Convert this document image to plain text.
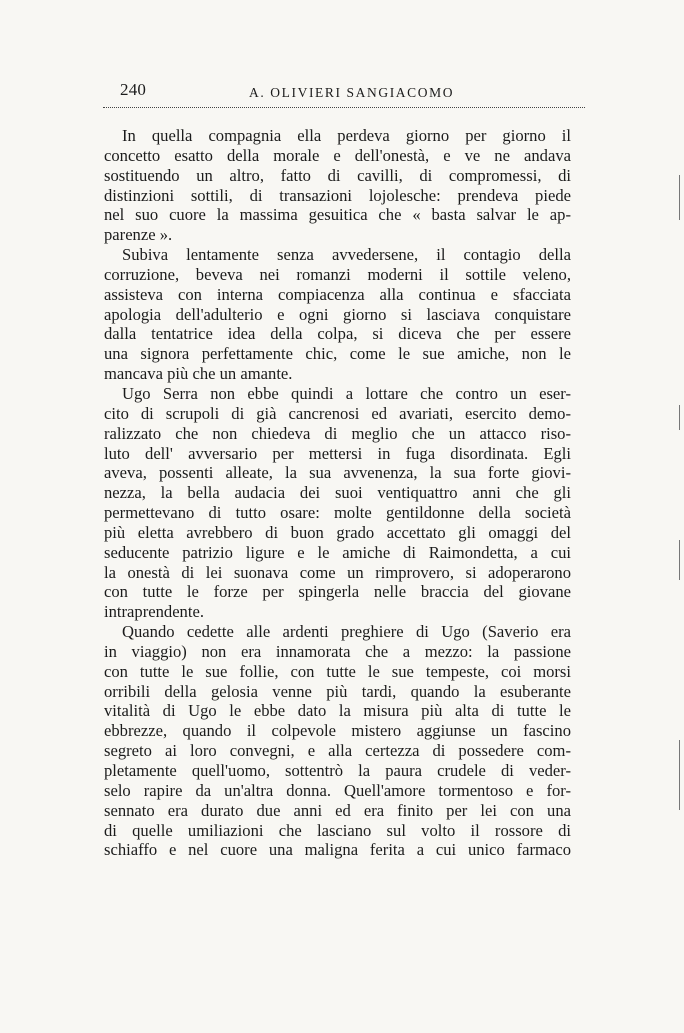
240	A. OLIVIERI SANGIACOMO
In quella compagnia ella perdeva giorno per giorno il
concetto esatto della morale e dell'onestà, e ve ne andava
sostituendo un altro, fatto di cavilli, di compromessi, di
distinzioni sottili, di transazioni lojolesche: prendeva piede
nel suo cuore la massima gesuitica che « basta salvar le ap-
parenze ».
Subiva lentamente senza avvedersene, il contagio della
corruzione, beveva nei romanzi moderni il sottile veleno,
assisteva con interna compiacenza alla continua e sfacciata
apologia dell'adulterio e ogni giorno si lasciava conquistare
dalla tentatrice idea della colpa, si diceva che per essere
una signora perfettamente chic, come le sue amiche, non le
mancava più che un amante.
Ugo Serra non ebbe quindi a lottare che contro un eser-
cito di scrupoli di già cancrenosi ed avariati, esercito demo-
ralizzato che non chiedeva di meglio che un attacco riso-
luto dell' avversario per mettersi in fuga disordinata. Egli
aveva, possenti alleate, la sua avvenenza, la sua forte giovi-
nezza, la bella audacia dei suoi ventiquattro anni che gli
permettevano di tutto osare: molte gentildonne della società
più eletta avrebbero di buon grado accettato gli omaggi del
seducente patrizio ligure e le amiche di Raimondetta, a cui
la onestà di lei suonava come un rimprovero, si adoperarono
con tutte le forze per spingerla nelle braccia del giovane
intraprendente.
Quando cedette alle ardenti preghiere di Ugo (Saverio era
in viaggio) non era innamorata che a mezzo: la passione
con tutte le sue follie, con tutte le sue tempeste, coi morsi
orribili della gelosia venne più tardi, quando la esuberante
vitalità di Ugo le ebbe dato la misura più alta di tutte le
ebbrezze, quando il colpevole mistero aggiunse un fascino
segreto ai loro convegni, e alla certezza di possedere com-
pletamente quell'uomo, sottentrò la paura crudele di veder-
selo rapire da un'altra donna. Quell'amore tormentoso e for-
sennato era durato due anni ed era finito per lei con una
di quelle umiliazioni che lasciano sul volto il rossore di
schiaffo e nel cuore una maligna ferita a cui unico farmaco
